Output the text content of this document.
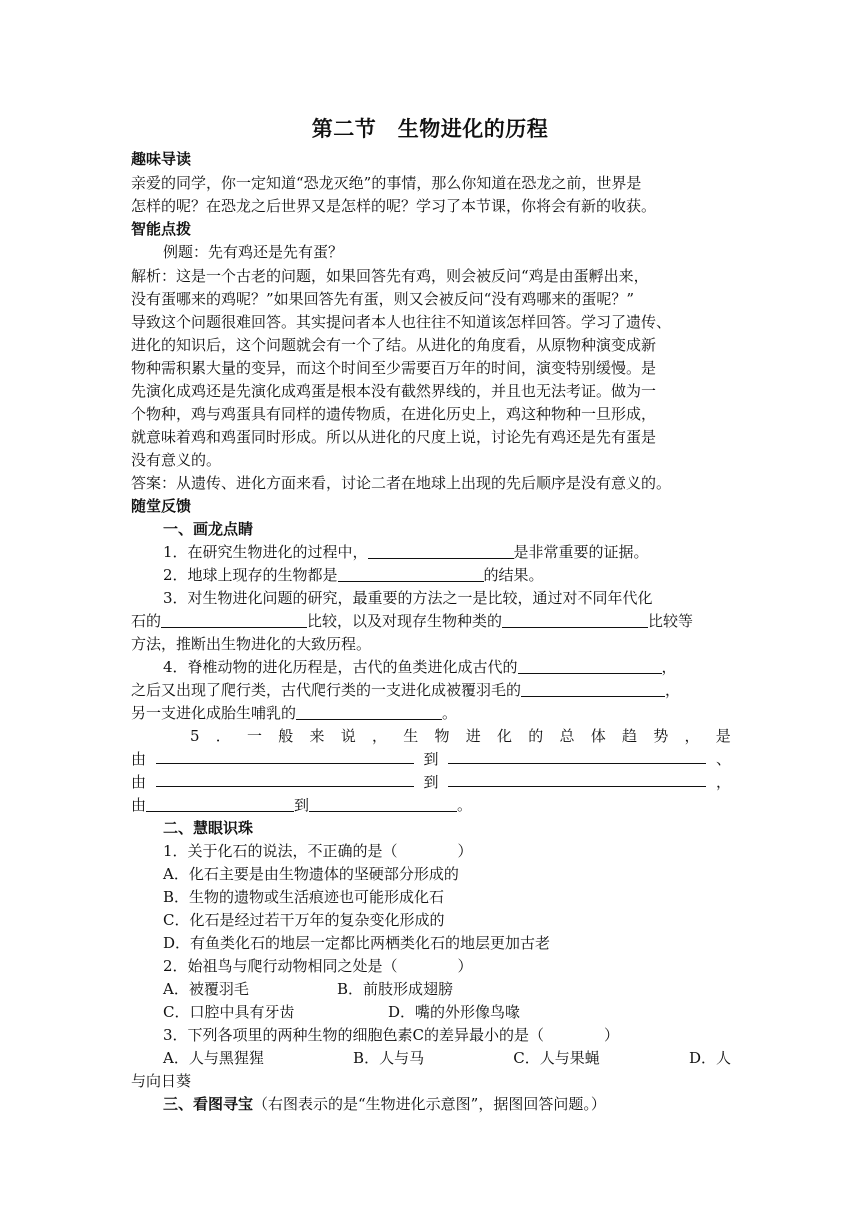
第二节　生物进化的历程
趣味导读
亲爱的同学，你一定知道“恐龙灭绝”的事情，那么你知道在恐龙之前，世界是
怎样的呢？在恐龙之后世界又是怎样的呢？学习了本节课，你将会有新的收获。
智能点拨
例题：先有鸡还是先有蛋？
解析：这是一个古老的问题，如果回答先有鸡，则会被反问“鸡是由蛋孵出来，
没有蛋哪来的鸡呢？”如果回答先有蛋，则又会被反问“没有鸡哪来的蛋呢？”
导致这个问题很难回答。其实提问者本人也往往不知道该怎样回答。学习了遗传、
进化的知识后，这个问题就会有一个了结。从进化的角度看，从原物种演变成新
物种需积累大量的变异，而这个时间至少需要百万年的时间，演变特别缓慢。是
先演化成鸡还是先演化成鸡蛋是根本没有截然界线的，并且也无法考证。做为一
个物种，鸡与鸡蛋具有同样的遗传物质，在进化历史上，鸡这种物种一旦形成，
就意味着鸡和鸡蛋同时形成。所以从进化的尺度上说，讨论先有鸡还是先有蛋是
没有意义的。
答案：从遗传、进化方面来看，讨论二者在地球上出现的先后顺序是没有意义的。
随堂反馈
一、画龙点睛
1．在研究生物进化的过程中，	是非常重要的证据。
2．地球上现存的生物都是	的结果。
3．对生物进化问题的研究，最重要的方法之一是比较，通过对不同年代化
石的	比较，以及对现存生物种类的	比较等
方法，推断出生物进化的大致历程。
4．脊椎动物的进化历程是，古代的鱼类进化成古代的	，
之后又出现了爬行类，古代爬行类的一支进化成被覆羽毛的	，
另一支进化成胎生哺乳的	。
5 ． 一 般 来 说 ， 生 物 进 化 的 总 体 趋 势 ， 是
由	到	、
由	到	，
由	到	。
二、慧眼识珠
1．关于化石的说法，不正确的是（　　　　）
A．化石主要是由生物遗体的坚硬部分形成的
B．生物的遗物或生活痕迹也可能形成化石
C．化石是经过若干万年的复杂变化形成的
D．有鱼类化石的地层一定都比两栖类化石的地层更加古老
2．始祖鸟与爬行动物相同之处是（　　　　）
A．被覆羽毛	B．前肢形成翅膀
C．口腔中具有牙齿	D．嘴的外形像鸟喙
3．下列各项里的两种生物的细胞色素C的差异最小的是（　　　　）
A．人与黑猩猩	B．人与马	C．人与果蝇	D．人
与向日葵
三、看图寻宝（右图表示的是“生物进化示意图”，据图回答问题。）
